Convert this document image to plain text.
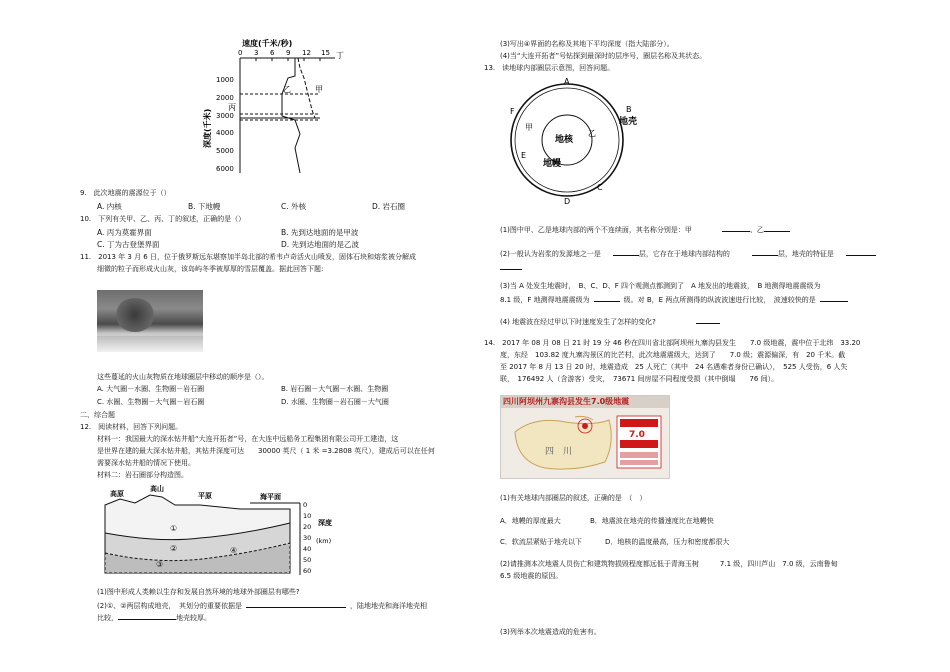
速度(千米/秒)
0 3 6 9 12 15
1000
2000
3000
4000
5000
6000
深度(千米)
乙	甲
丙
丁
9.　此次地震的震源位于（）
A. 内核	B. 下地幔	C. 外核	D. 岩石圈
10.　下列有关甲、乙、丙、丁的叙述，正确的是（）
A. 丙为莫霍界面	B. 先到达地面的是甲波
C. 丁为古登堡界面	D. 先到达地面的是乙波
11.　2013 年 3 月 6 日，位于俄罗斯远东堪察加半岛北部的希韦卢奇活火山喷发，固体石块和熔浆被分解成
细微的粒子而形成火山灰，该岛屿冬季被厚厚的雪层覆盖。据此回答下题:
这些蔓延的火山灰物质在地球圈层中移动的顺序是（）。
A. 大气圈－水圈、生物圈－岩石圈	B. 岩石圈－大气圈－水圈、生物圈
C. 水圈、生物圈－大气圈－岩石圈	D. 水圈、生物圈－岩石圈－大气圈
二、综合题
12.　阅读材料，回答下列问题。
材料一：我国最大的深水钻井船“大连开拓者”号，在大连中远船务工程集团有限公司开工建造，这
是世界在建的最大深水钻井船，其钻井深度可达　　30000 英尺（ 1 米 =3.2808 英尺），建成后可以在任何
需要深水钻井船的情况下使用。
材料二：岩石圈部分构造图。
高原
高山
平原	海平面
①
②
③
④
0
10
20
30
40
50
60
深度
(km)
(1)图中形成人类赖以生存和发展自然环境的地球外部圈层有哪些?
(2)①、②两层构成地壳，　其划分的重要依据是	，陆地地壳和海洋地壳相
比较，	地壳较厚。
(3)写出④界面的名称及其地下平均深度（指大陆部分）。
(4)当“大连开拓者”号钻探到最深时的层序号，圈层名称及其状态。
13.　读地球内部圈层示意图，回答问题。
地核
地幔
地壳
甲
乙
A
B
C
D
E
F
(1)图中甲、乙是地球内部的两个不连续面，其名称分别是：甲	、乙
(2)一般认为岩浆的发源地之一是	层，它存在于地球内部结构的	层，地壳的特征是
(3)当 A 处发生地震时，　B、C、D、F 四个观测点都测到了　A 地发出的地震波，　B 地测得地震震级为
8.1 级，F 地测得地震震级为	级。对 B，E 两点所测得的纵波波速进行比较，　波速较快的是
(4) 地震波在经过甲以下时速度发生了怎样的变化?
14.　2017 年 08 月 08 日 21 时 19 分 46 秒在四川省北部阿坝州九寨沟县发生　　7.0 级地震，震中位于北纬　33.20
度，东经　103.82 度九寨沟景区的比芒村，此次地震震级大，达到了　　7.0 级；震源偏深，有　20 千米。截
至 2017 年 8 月 13 日 20 时，地震造成　25 人死亡（其中　24 名遇难者身份已确认），　525 人受伤，6 人失
联，　176492 人（含游客）受灾，　73671 间房屋不同程度受损（其中倒塌　　76 间）。
四川阿坝州九寨沟县发生7.0级地震
四　川
7.0
(1)有关地球内部圈层的叙述，正确的是　（　）
A．地幔的厚度最大	B．地震波在地壳的传播速度比在地幔快
C．软流层紧贴于地壳以下	D．地核的温度最高，压力和密度都很大
(2)请推测本次地震人员伤亡和建筑物损毁程度都远低于青海玉树　　　7.1 级，四川芦山　7.0 级，云南鲁甸
6.5 级地震的原因。
(3)列举本次地震造成的危害有。
